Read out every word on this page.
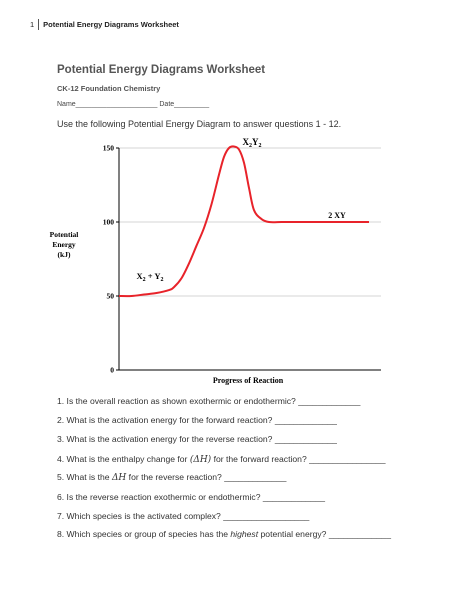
1	Potential Energy Diagrams Worksheet
Potential Energy Diagrams Worksheet
CK-12 Foundation Chemistry
Name_____________________ Date_________
Use the following Potential Energy Diagram to answer questions 1 - 12.
0
50
100
150
Potential
Energy
(kJ)
Progress of Reaction
$X_2Y_2$
2 XY
$X_2 + Y_2$
1. Is the overall reaction as shown exothermic or endothermic? _____________
2. What is the activation energy for the forward reaction? _____________
3. What is the activation energy for the reverse reaction? _____________
4. What is the enthalpy change for (ΔH) for the forward reaction? ________________
5. What is the ΔH for the reverse reaction? _____________
6. Is the reverse reaction exothermic or endothermic? _____________
7. Which species is the activated complex? __________________
8. Which species or group of species has the highest potential energy? _____________
